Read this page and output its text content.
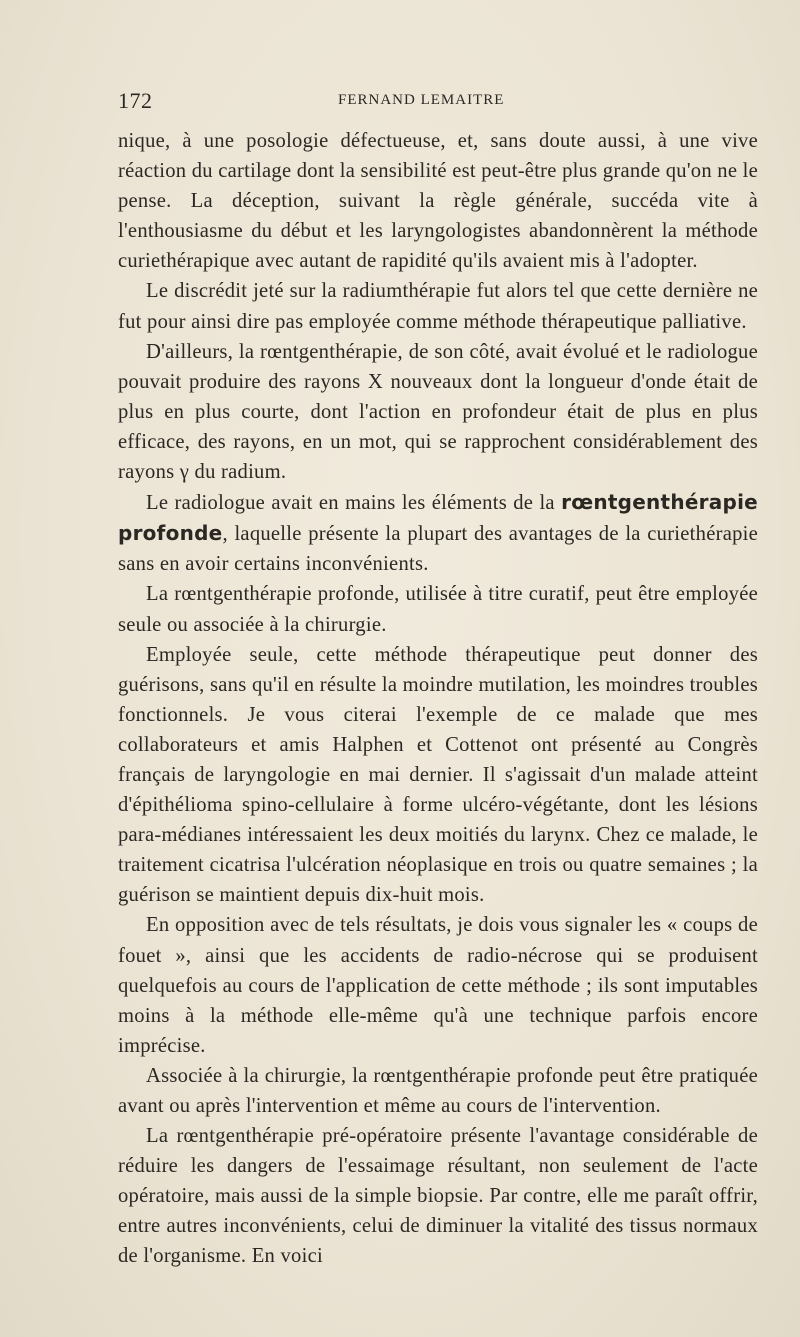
172	FERNAND LEMAITRE

nique, à une posologie défectueuse, et, sans doute aussi, à une vive réaction du cartilage dont la sensibilité est peut-être plus grande qu'on ne le pense. La déception, suivant la règle générale, succéda vite à l'enthousiasme du début et les laryngologistes abandonnèrent la méthode curiethérapique avec autant de rapidité qu'ils avaient mis à l'adopter.

Le discrédit jeté sur la radiumthérapie fut alors tel que cette dernière ne fut pour ainsi dire pas employée comme méthode thérapeutique palliative.

D'ailleurs, la rœntgenthérapie, de son côté, avait évolué et le radiologue pouvait produire des rayons X nouveaux dont la longueur d'onde était de plus en plus courte, dont l'action en profondeur était de plus en plus efficace, des rayons, en un mot, qui se rapprochent considérablement des rayons γ du radium.

Le radiologue avait en mains les éléments de la rœntgenthérapie profonde, laquelle présente la plupart des avantages de la curiethérapie sans en avoir certains inconvénients.

La rœntgenthérapie profonde, utilisée à titre curatif, peut être employée seule ou associée à la chirurgie.

Employée seule, cette méthode thérapeutique peut donner des guérisons, sans qu'il en résulte la moindre mutilation, les moindres troubles fonctionnels. Je vous citerai l'exemple de ce malade que mes collaborateurs et amis Halphen et Cottenot ont présenté au Congrès français de laryngologie en mai dernier. Il s'agissait d'un malade atteint d'épithélioma spino-cellulaire à forme ulcéro-végétante, dont les lésions para-médianes intéressaient les deux moitiés du larynx. Chez ce malade, le traitement cicatrisa l'ulcération néoplasique en trois ou quatre semaines ; la guérison se maintient depuis dix-huit mois.

En opposition avec de tels résultats, je dois vous signaler les « coups de fouet », ainsi que les accidents de radio-nécrose qui se produisent quelquefois au cours de l'application de cette méthode ; ils sont imputables moins à la méthode elle-même qu'à une technique parfois encore imprécise.

Associée à la chirurgie, la rœntgenthérapie profonde peut être pratiquée avant ou après l'intervention et même au cours de l'intervention.

La rœntgenthérapie pré-opératoire présente l'avantage considérable de réduire les dangers de l'essaimage résultant, non seulement de l'acte opératoire, mais aussi de la simple biopsie. Par contre, elle me paraît offrir, entre autres inconvénients, celui de diminuer la vitalité des tissus normaux de l'organisme. En voici
